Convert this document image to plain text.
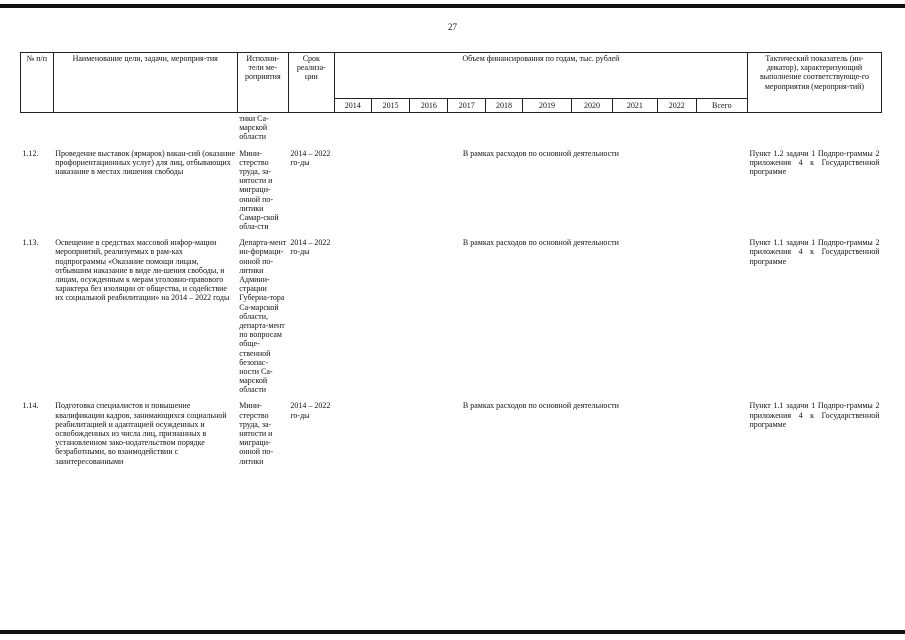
27
№ п/п	Наименование цели, задачи, мероприя-тия	Исполни-тели ме-роприятия	Срок реализа-ции	Объем финансирования по годам, тыс. рублей										Тактический показатель (ин-дикатор), характеризующий выполнение соответствующе-го мероприятия (мероприя-тий)
				2014	2015	2016	2017	2018	2019	2020	2021	2022	Всего	
		тики Са-марской области												

1.12.	Проведение выставок (ярмарок) вакан-сий (оказание профориентационных услуг) для лиц, отбывающих наказание в местах лишения свободы	Мини-стерство труда, за-нятости и миграци-онной по-литики Самар-ской обла-сти	2014 – 2022 го-ды	В рамках расходов по основной деятельности										Пункт 1.2 задачи 1 Подпро-граммы 2 приложения 4 к Государственной программе

1.13.	Освещение в средствах массовой инфор-мации мероприятий, реализуемых в рам-ках подпрограммы «Оказание помощи лицам, отбывшим наказание в виде ли-шения свободы, и лицам, осужденным к мерам уголовно-правового характера без изоляции от общества, и содействие их социальной реабилитации» на 2014 – 2022 годы	Департа-мент ин-формаци-онной по-литики Админи-страции Губерна-тора Са-марской области, департа-мент по вопросам обще-ственной безопас-ности Са-марской области	2014 – 2022 го-ды	В рамках расходов по основной деятельности										Пункт 1.1 задачи 1 Подпро-граммы 2 приложения 4 к Государственной программе

1.14.	Подготовка специалистов и повышение квалификации кадров, занимающихся социальной реабилитацией и адаптацией осужденных и освобожденных из числа лиц, признанных в установленном зако-нодательством порядке безработными, во взаимодействии с заинтересованными	Мини-стерство труда, за-нятости и миграци-онной по-литики	2014 – 2022 го-ды	В рамках расходов по основной деятельности										Пункт 1.1 задачи 1 Подпро-граммы 2 приложения 4 к Государственной программе
